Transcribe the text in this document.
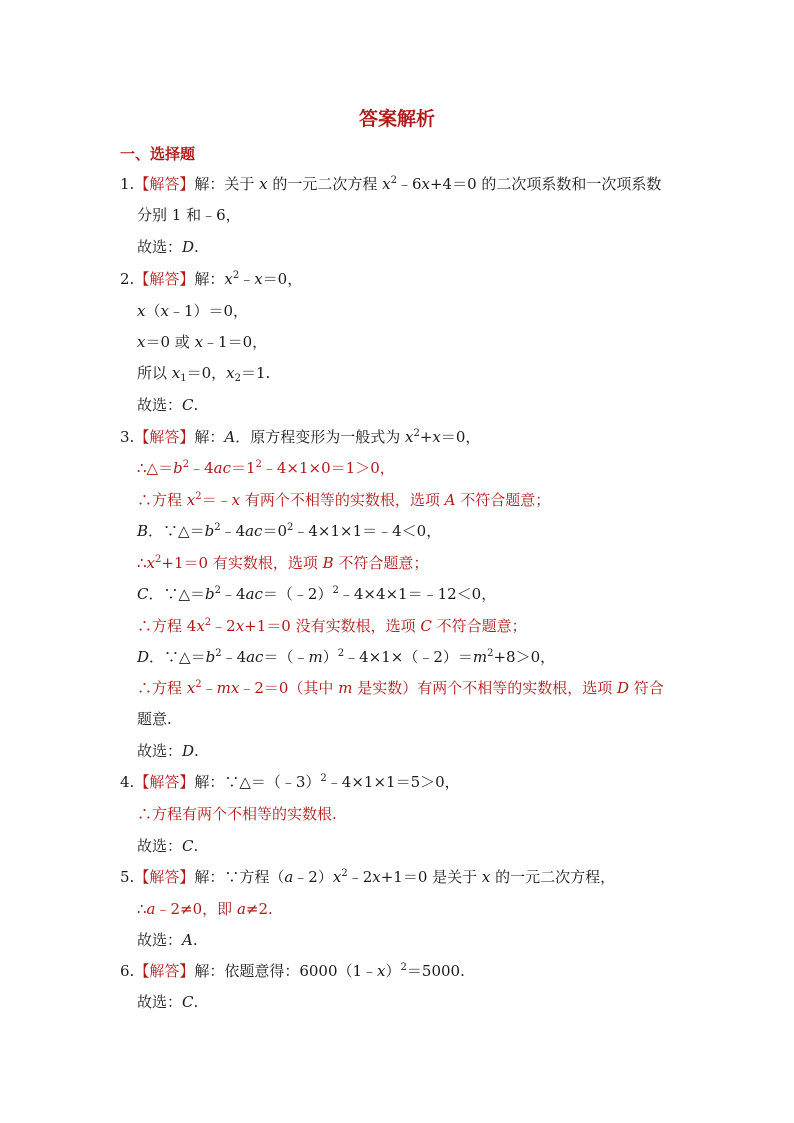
答案解析
一、选择题
1.【解答】解：关于 x 的一元二次方程 $x^2﹣6x+4=0$ 的二次项系数和一次项系数
分别 1 和﹣6，
故选：D.
2.【解答】解：$x^2﹣x=0$，
x（x﹣1）＝0，
x＝0 或 x﹣1＝0，
所以 $x_1=0$，$x_2=1$.
故选：C.
3.【解答】解：A．原方程变形为一般式为 $x^2+x=0$，
$\therefore\triangle=b^2﹣4ac=1^2﹣4\times 1\times 0=1>0$，
∴方程 $x^2=﹣x$ 有两个不相等的实数根，选项 A 不符合题意；
B．$\because\triangle=b^2﹣4ac=0^2﹣4\times 1\times 1=﹣4<0$，
$\therefore x^2+1=0$ 有实数根，选项 B 不符合题意；
C．$\because\triangle=b^2﹣4ac=(﹣2)^2﹣4\times 4\times 1=﹣12<0$，
∴方程 $4x^2﹣2x+1=0$ 没有实数根，选项 C 不符合题意；
D．$\because\triangle=b^2﹣4ac=(﹣m)^2﹣4\times 1\times(﹣2)=m^2+8>0$，
∴方程 $x^2﹣mx﹣2=0$（其中 m 是实数）有两个不相等的实数根，选项 D 符合
题意.
故选：D.
4.【解答】解：∵△＝（﹣3）$^2$﹣4×1×1＝5＞0，
∴方程有两个不相等的实数根.
故选：C.
5.【解答】解：∵方程$(a﹣2)x^2﹣2x+1=0$ 是关于 x 的一元二次方程，
∴a﹣2≠0，即 a≠2.
故选：A.
6.【解答】解：依题意得：6000（1﹣x）$^2$＝5000.
故选：C.
